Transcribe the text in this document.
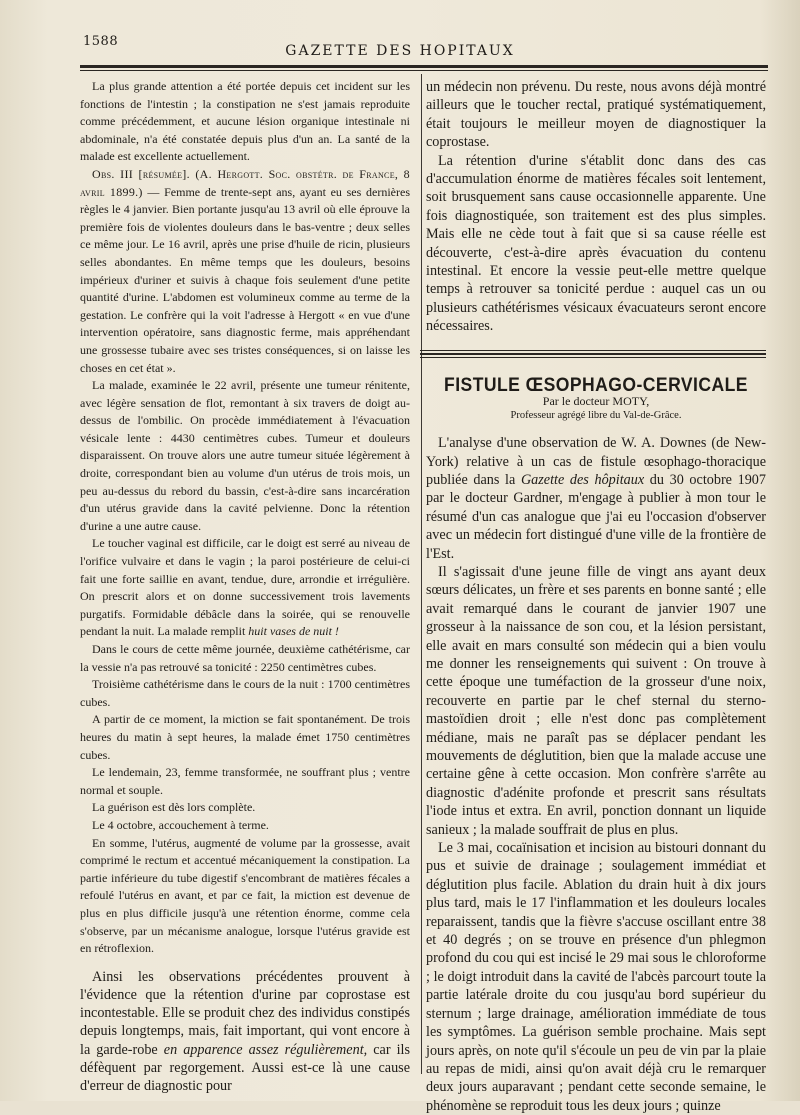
1588

GAZETTE DES HOPITAUX

La plus grande attention a été portée depuis cet incident sur les fonctions de l'intestin ; la constipation ne s'est jamais reproduite comme précédemment, et aucune lésion organique intestinale ni abdominale, n'a été constatée depuis plus d'un an. La santé de la malade est excellente actuellement.

Obs. III [résumée]. (A. Hergott. Soc. obstétr. de France, 8 avril 1899.) — Femme de trente-sept ans, ayant eu ses dernières règles le 4 janvier. Bien portante jusqu'au 13 avril où elle éprouve la première fois de violentes douleurs dans le bas-ventre ; deux selles ce même jour. Le 16 avril, après une prise d'huile de ricin, plusieurs selles abondantes. En même temps que les douleurs, besoins impérieux d'uriner et suivis à chaque fois seulement d'une petite quantité d'urine. L'abdomen est volumineux comme au terme de la gestation. Le confrère qui la voit l'adresse à Hergott « en vue d'une intervention opératoire, sans diagnostic ferme, mais appréhendant une grossesse tubaire avec ses tristes conséquences, si on laisse les choses en cet état ».

La malade, examinée le 22 avril, présente une tumeur rénitente, avec légère sensation de flot, remontant à six travers de doigt au-dessus de l'ombilic. On procède immédiatement à l'évacuation vésicale lente : 4430 centimètres cubes. Tumeur et douleurs disparaissent. On trouve alors une autre tumeur située légèrement à droite, correspondant bien au volume d'un utérus de trois mois, un peu au-dessus du rebord du bassin, c'est-à-dire sans incarcération d'un utérus gravide dans la cavité pelvienne. Donc la rétention d'urine a une autre cause.

Le toucher vaginal est difficile, car le doigt est serré au niveau de l'orifice vulvaire et dans le vagin ; la paroi postérieure de celui-ci fait une forte saillie en avant, tendue, dure, arrondie et irrégulière. On prescrit alors et on donne successivement trois lavements purgatifs. Formidable débâcle dans la soirée, qui se renouvelle pendant la nuit. La malade remplit huit vases de nuit !

Dans le cours de cette même journée, deuxième cathétérisme, car la vessie n'a pas retrouvé sa tonicité : 2250 centimètres cubes.

Troisième cathétérisme dans le cours de la nuit : 1700 centimètres cubes.

A partir de ce moment, la miction se fait spontanément. De trois heures du matin à sept heures, la malade émet 1750 centimètres cubes.

Le lendemain, 23, femme transformée, ne souffrant plus ; ventre normal et souple.

La guérison est dès lors complète.

Le 4 octobre, accouchement à terme.

En somme, l'utérus, augmenté de volume par la grossesse, avait comprimé le rectum et accentué mécaniquement la constipation. La partie inférieure du tube digestif s'encombrant de matières fécales a refoulé l'utérus en avant, et par ce fait, la miction est devenue de plus en plus difficile jusqu'à une rétention énorme, comme cela s'observe, par un mécanisme analogue, lorsque l'utérus gravide est en rétroflexion.

Ainsi les observations précédentes prouvent à l'évidence que la rétention d'urine par coprostase est incontestable. Elle se produit chez des individus constipés depuis longtemps, mais, fait important, qui vont encore à la garde-robe en apparence assez régulièrement, car ils défèquent par regorgement. Aussi est-ce là une cause d'erreur de diagnostic pour

un médecin non prévenu. Du reste, nous avons déjà montré ailleurs que le toucher rectal, pratiqué systématiquement, était toujours le meilleur moyen de diagnostiquer la coprostase.

La rétention d'urine s'établit donc dans des cas d'accumulation énorme de matières fécales soit lentement, soit brusquement sans cause occasionnelle apparente. Une fois diagnostiquée, son traitement est des plus simples. Mais elle ne cède tout à fait que si sa cause réelle est découverte, c'est-à-dire après évacuation du contenu intestinal. Et encore la vessie peut-elle mettre quelque temps à retrouver sa tonicité perdue : auquel cas un ou plusieurs cathétérismes vésicaux évacuateurs seront encore nécessaires.

FISTULE ŒSOPHAGO-CERVICALE

Par le docteur MOTY,

Professeur agrégé libre du Val-de-Grâce.

L'analyse d'une observation de W. A. Downes (de New-York) relative à un cas de fistule œsophago-thoracique publiée dans la Gazette des hôpitaux du 30 octobre 1907 par le docteur Gardner, m'engage à publier à mon tour le résumé d'un cas analogue que j'ai eu l'occasion d'observer avec un médecin fort distingué d'une ville de la frontière de l'Est.

Il s'agissait d'une jeune fille de vingt ans ayant deux sœurs délicates, un frère et ses parents en bonne santé ; elle avait remarqué dans le courant de janvier 1907 une grosseur à la naissance de son cou, et la lésion persistant, elle avait en mars consulté son médecin qui a bien voulu me donner les renseignements qui suivent : On trouve à cette époque une tuméfaction de la grosseur d'une noix, recouverte en partie par le chef sternal du sterno-mastoïdien droit ; elle n'est donc pas complètement médiane, mais ne paraît pas se déplacer pendant les mouvements de déglutition, bien que la malade accuse une certaine gêne à cette occasion. Mon confrère s'arrête au diagnostic d'adénite profonde et prescrit sans résultats l'iode intus et extra. En avril, ponction donnant un liquide sanieux ; la malade souffrait de plus en plus.

Le 3 mai, cocaïnisation et incision au bistouri donnant du pus et suivie de drainage ; soulagement immédiat et déglutition plus facile. Ablation du drain huit à dix jours plus tard, mais le 17 l'inflammation et les douleurs locales reparaissent, tandis que la fièvre s'accuse oscillant entre 38 et 40 degrés ; on se trouve en présence d'un phlegmon profond du cou qui est incisé le 29 mai sous le chloroforme ; le doigt introduit dans la cavité de l'abcès parcourt toute la partie latérale droite du cou jusqu'au bord supérieur du sternum ; large drainage, amélioration immédiate de tous les symptômes. La guérison semble prochaine. Mais sept jours après, on note qu'il s'écoule un peu de vin par la plaie au repas de midi, ainsi qu'on avait déjà cru le remarquer deux jours auparavant ; pendant cette seconde semaine, le phénomène se reproduit tous les deux jours ; quinze
